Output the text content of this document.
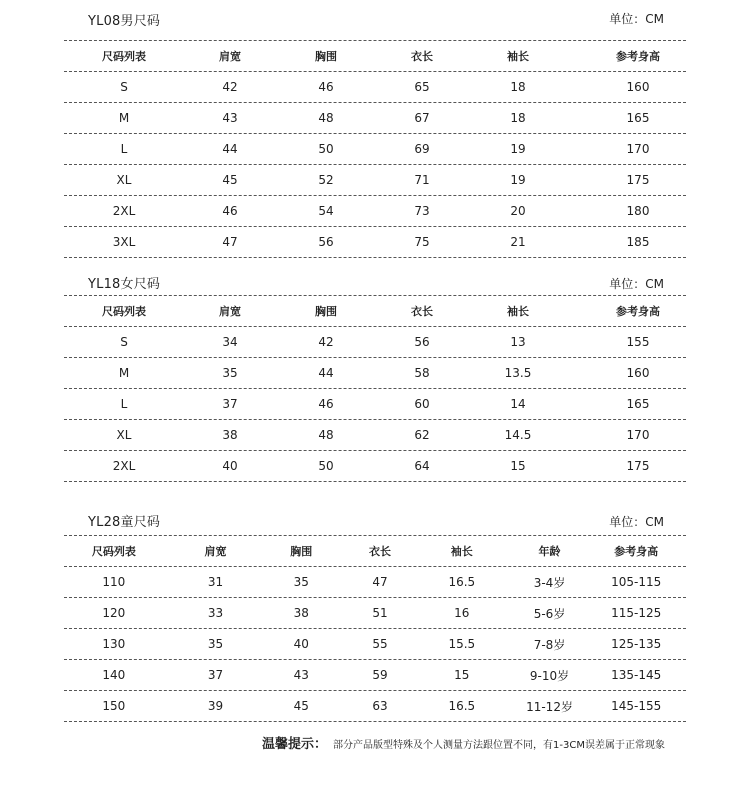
YL08男尺码	单位：CM
尺码列表	肩宽	胸围	衣长	袖长	参考身高
S	42	46	65	18	160
M	43	48	67	18	165
L	44	50	69	19	170
XL	45	52	71	19	175
2XL	46	54	73	20	180
3XL	47	56	75	21	185
YL18女尺码	单位：CM
尺码列表	肩宽	胸围	衣长	袖长	参考身高
S	34	42	56	13	155
M	35	44	58	13.5	160
L	37	46	60	14	165
XL	38	48	62	14.5	170
2XL	40	50	64	15	175
YL28童尺码	单位：CM
尺码列表	肩宽	胸围	衣长	袖长	年龄	参考身高
110	31	35	47	16.5	3-4岁	105-115
120	33	38	51	16	5-6岁	115-125
130	35	40	55	15.5	7-8岁	125-135
140	37	43	59	15	9-10岁	135-145
150	39	45	63	16.5	11-12岁	145-155
温馨提示： 部分产品版型特殊及个人测量方法跟位置不同，有1-3CM误差属于正常现象
